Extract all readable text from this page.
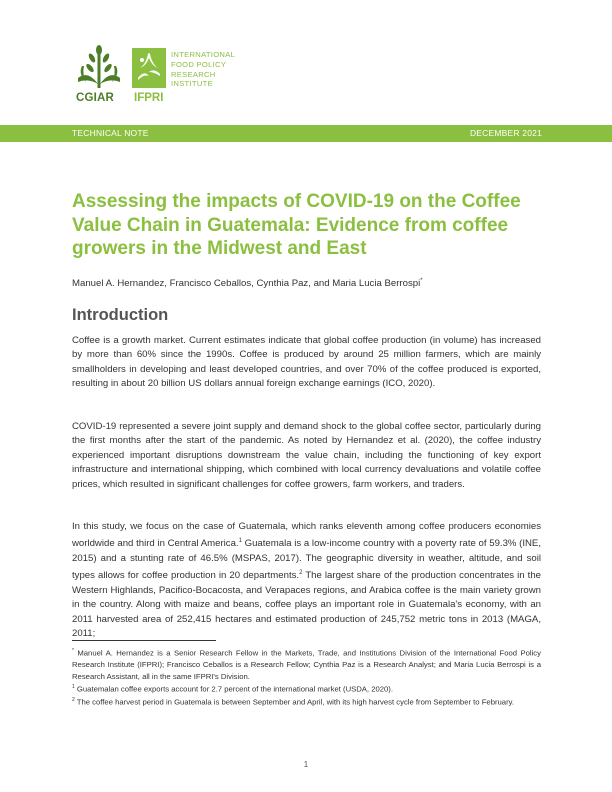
CGIAR IFPRI
INTERNATIONAL
FOOD POLICY
RESEARCH
INSTITUTE
TECHNICAL NOTE	DECEMBER 2021
Assessing the impacts of COVID-19 on the Coffee Value Chain in Guatemala: Evidence from coffee growers in the Midwest and East
Manuel A. Hernandez, Francisco Ceballos, Cynthia Paz, and Maria Lucia Berrospi*
Introduction

Coffee is a growth market. Current estimates indicate that global coffee production (in volume) has increased by more than 60% since the 1990s. Coffee is produced by around 25 million farmers, which are mainly smallholders in developing and least developed countries, and over 70% of the coffee produced is exported, resulting in about 20 billion US dollars annual foreign exchange earnings (ICO, 2020).

COVID-19 represented a severe joint supply and demand shock to the global coffee sector, particularly during the first months after the start of the pandemic. As noted by Hernandez et al. (2020), the coffee industry experienced important disruptions downstream the value chain, including the functioning of key export infrastructure and international shipping, which combined with local currency devaluations and volatile coffee prices, which resulted in significant challenges for coffee growers, farm workers, and traders.

In this study, we focus on the case of Guatemala, which ranks eleventh among coffee producers economies worldwide and third in Central America.$^1$ Guatemala is a low-income country with a poverty rate of 59.3% (INE, 2015) and a stunting rate of 46.5% (MSPAS, 2017). The geographic diversity in weather, altitude, and soil types allows for coffee production in 20 departments.$^2$ The largest share of the production concentrates in the Western Highlands, Pacifico-Bocacosta, and Verapaces regions, and Arabica coffee is the main variety grown in the country. Along with maize and beans, coffee plays an important role in Guatemala's economy, with an 2011 harvested area of 252,415 hectares and estimated production of 245,752 metric tons in 2013 (MAGA, 2011;

* Manuel A. Hernandez is a Senior Research Fellow in the Markets, Trade, and Institutions Division of the International Food Policy Research Institute (IFPRI); Francisco Ceballos is a Research Fellow; Cynthia Paz is a Research Analyst; and Maria Lucia Berrospi is a Research Assistant, all in the same IFPRI's Division.

$^1$ Guatemalan coffee exports account for 2.7 percent of the international market (USDA, 2020).

$^2$ The coffee harvest period in Guatemala is between September and April, with its high harvest cycle from September to February.

1
